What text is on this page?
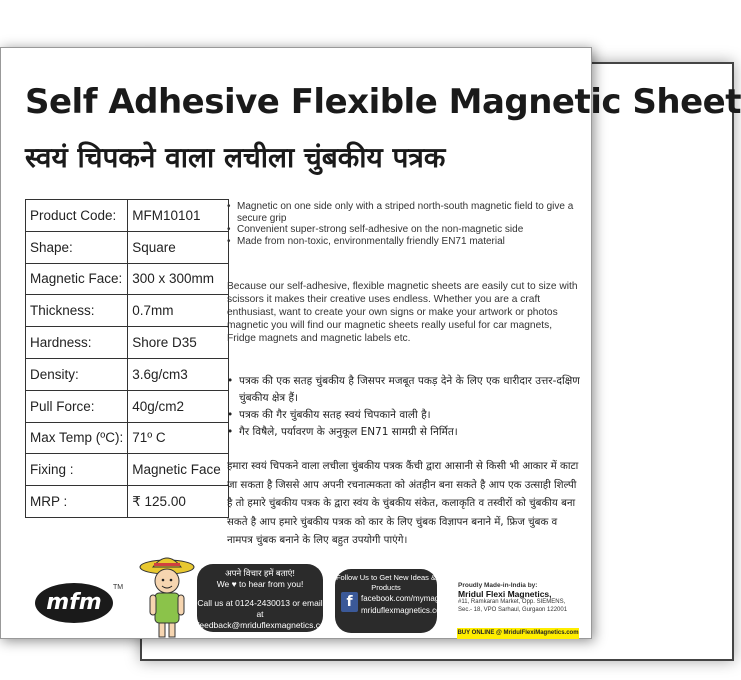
Self Adhesive Flexible Magnetic Sheet
स्वयं चिपकने वाला लचीला चुंबकीय पत्रक
Product Code:	MFM10101
Shape:	Square
Magnetic Face:	300 x 300mm
Thickness:	0.7mm
Hardness:	Shore D35
Density:	3.6g/cm3
Pull Force:	40g/cm2
Max Temp (ºC):	71º C
Fixing :	Magnetic Face
MRP :	₹ 125.00
• Magnetic on one side only with a striped north-south magnetic field to give a secure grip
• Convenient super-strong self-adhesive on the non-magnetic side
• Made from non-toxic, environmentally friendly EN71 material

Because our self-adhesive, flexible magnetic sheets are easily cut to size with scissors it makes their creative uses endless. Whether you are a craft enthusiast, want to create your own signs or make your artwork or photos magnetic you will find our magnetic sheets really useful for car magnets, Fridge magnets and magnetic labels etc.

• पत्रक की एक सतह चुंबकीय है जिसपर मजबूत पकड़ देने के लिए एक धारीदार उत्तर-दक्षिण चुंबकीय क्षेत्र हैं।
• पत्रक की गैर चुंबकीय सतह स्वयं चिपकाने वाली है।
• गैर विषैले, पर्यावरण के अनुकूल EN71 सामग्री से निर्मित।

हमारा स्वयं चिपकने वाला लचीला चुंबकीय पत्रक कैंची द्वारा आसानी से किसी भी आकार में काटा जा सकता है जिससे आप अपनी रचनात्मकता को अंतहीन बना सकते है आप एक उत्साही शिल्पी है तो हमारे चुंबकीय पत्रक के द्वारा स्वंय के चुंबकीय संकेत, कलाकृति व तस्वीरों को चुंबकीय बना सकते है आप हमारे चुंबकीय पत्रक को कार के लिए चुंबक विज्ञापन बनाने में, फ्रिज चुंबक व नामपत्र चुंबक बनाने के लिए बहुत उपयोगी पाएंगे।

mfm
TM
अपने विचार हमें बताएं!
We ♥ to hear from you!
Call us at 0124-2430013 or email at
feedback@mriduflexmagnetics.com
Follow Us to Get New Ideas & Products
f	facebook.com/mymagnets
mriduflexmagnetics.com
Proudly Made-in-India by:
Mridul Flexi Magnetics,
#11, Ramkaran Market, Opp. SIEMENS,
Sec.- 18, VPO Sarhaul, Gurgaon 122001
BUY ONLINE @ MridulFlexiMagnetics.com
